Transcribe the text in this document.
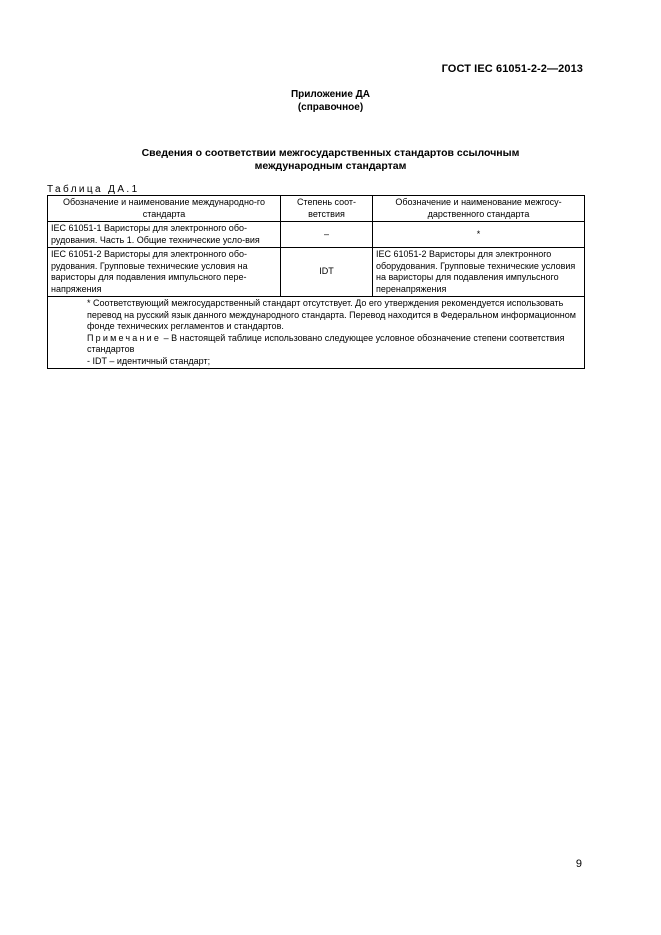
ГОСТ IEC 61051-2-2—2013
Приложение ДА
(справочное)
Сведения о соответствии межгосударственных стандартов ссылочным
международным стандартам
Таблица ДА.1
Обозначение и наименование международно-го стандарта	Степень соот-ветствия	Обозначение и наименование межгосу-дарственного стандарта
IEC 61051-1 Варисторы для электронного обо-рудования. Часть 1. Общие технические усло-вия	–	*
IEC 61051-2 Варисторы для электронного обо-рудования. Групповые технические условия на варисторы для подавления импульсного пере-напряжения	IDT	IEC 61051-2 Варисторы для электронного оборудования. Групповые технические условия на варисторы для подавления импульсного перенапряжения

* Соответствующий межгосударственный стандарт отсутствует. До его утверждения рекомендуется использовать перевод на русский язык данного международного стандарта. Перевод находится в Федеральном информационном фонде технических регламентов и стандартов.

Примечание – В настоящей таблице использовано следующее условное обозначение степени соответствия стандартов

- IDT – идентичный стандарт;		

9
